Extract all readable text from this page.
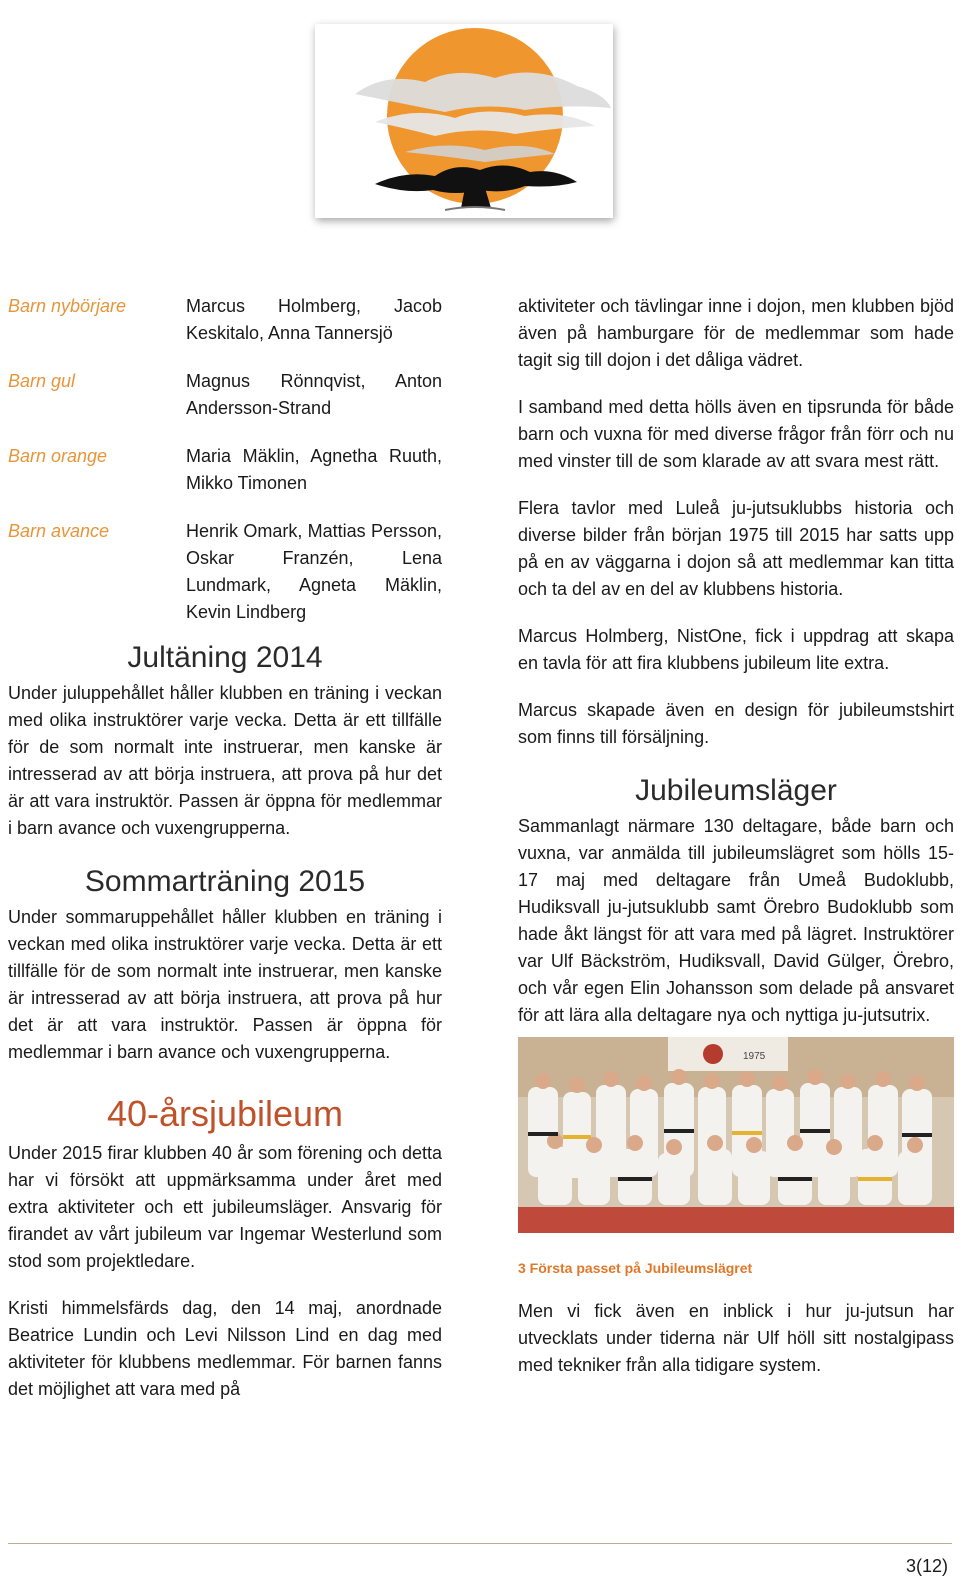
Barn nybörjare	Marcus Holmberg, Jacob Keskitalo, Anna Tannersjö
Barn gul	Magnus Rönnqvist, Anton Andersson-Strand
Barn orange	Maria Mäklin, Agnetha Ruuth, Mikko Timonen
Barn avance	Henrik Omark, Mattias Persson, Oskar Franzén, Lena Lundmark, Agneta Mäklin, Kevin Lindberg
Jultäning 2014

Under juluppehållet håller klubben en träning i veckan med olika instruktörer varje vecka. Detta är ett tillfälle för de som normalt inte instruerar, men kanske är intresserad av att börja instruera, att prova på hur det är att vara instruktör. Passen är öppna för medlemmar i barn avance och vuxengrupperna.

Sommarträning 2015

Under sommaruppehållet håller klubben en träning i veckan med olika instruktörer varje vecka. Detta är ett tillfälle för de som normalt inte instruerar, men kanske är intresserad av att börja instruera, att prova på hur det är att vara instruktör. Passen är öppna för medlemmar i barn avance och vuxengrupperna.

40-årsjubileum

Under 2015 firar klubben 40 år som förening och detta har vi försökt att uppmärksamma under året med extra aktiviteter och ett jubileumsläger. Ansvarig för firandet av vårt jubileum var Ingemar Westerlund som stod som projektledare.

Kristi himmelsfärds dag, den 14 maj, anordnade Beatrice Lundin och Levi Nilsson Lind en dag med aktiviteter för klubbens medlemmar. För barnen fanns det möjlighet att vara med på

aktiviteter och tävlingar inne i dojon, men klubben bjöd även på hamburgare för de medlemmar som hade tagit sig till dojon i det dåliga vädret.

I samband med detta hölls även en tipsrunda för både barn och vuxna för med diverse frågor från förr och nu med vinster till de som klarade av att svara mest rätt.

Flera tavlor med Luleå ju-jutsuklubbs historia och diverse bilder från början 1975 till 2015 har satts upp på en av väggarna i dojon så att medlemmar kan titta och ta del av en del av klubbens historia.

Marcus Holmberg, NistOne, fick i uppdrag att skapa en tavla för att fira klubbens jubileum lite extra.

Marcus skapade även en design för jubileumstshirt som finns till försäljning.

Jubileumsläger

Sammanlagt närmare 130 deltagare, både barn och vuxna, var anmälda till jubileumslägret som hölls 15-17 maj med deltagare från Umeå Budoklubb, Hudiksvall ju-jutsuklubb samt Örebro Budoklubb som hade åkt längst för att vara med på lägret. Instruktörer var Ulf Bäckström, Hudiksvall, David Gülger, Örebro, och vår egen Elin Johansson som delade på ansvaret för att lära alla deltagare nya och nyttiga ju-jutsutrix.

1975
3 Första passet på Jubileumslägret

Men vi fick även en inblick i hur ju-jutsun har utvecklats under tiderna när Ulf höll sitt nostalgipass med tekniker från alla tidigare system.

3(12)
